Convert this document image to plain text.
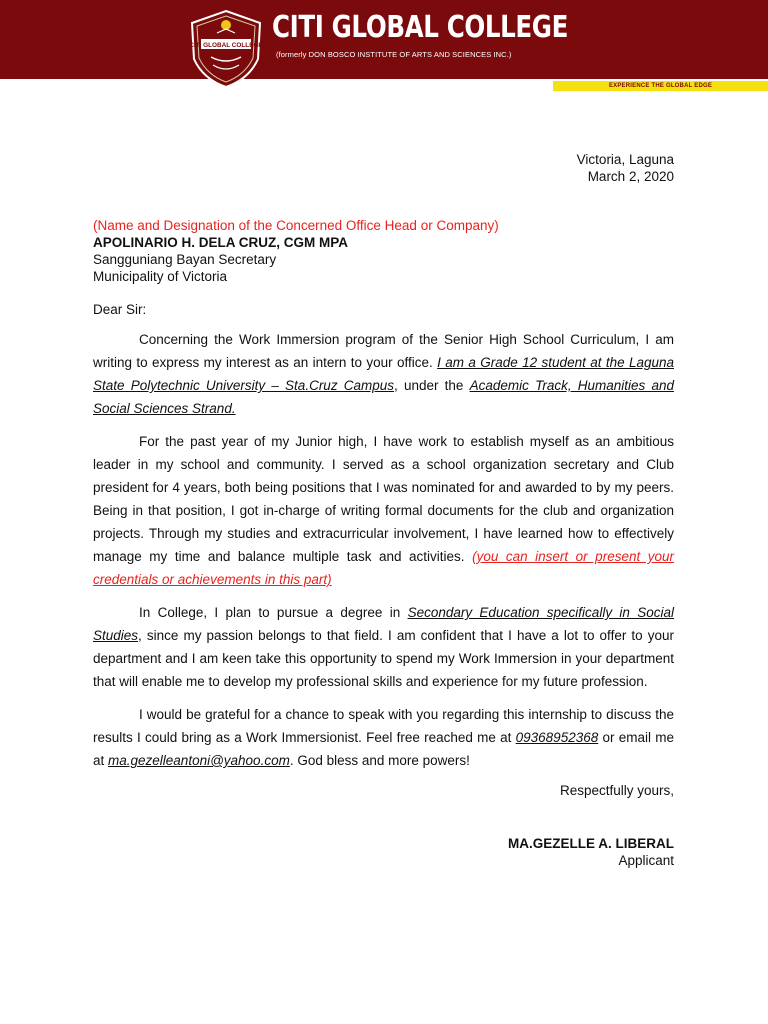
CITI GLOBAL COLLEGE
CITI GLOBAL COLLEGE
(formerly DON BOSCO INSTITUTE OF ARTS AND SCIENCES INC.)
EXPERIENCE THE GLOBAL EDGE
Victoria, Laguna
March 2, 2020
(Name and Designation of the Concerned Office Head or Company)
APOLINARIO H. DELA CRUZ, CGM MPA
Sangguniang Bayan Secretary
Municipality of Victoria
Dear Sir:

Concerning the Work Immersion program of the Senior High School Curriculum, I am writing to express my interest as an intern to your office. I am a Grade 12 student at the Laguna State Polytechnic University – Sta.Cruz Campus, under the Academic Track, Humanities and Social Sciences Strand.

For the past year of my Junior high, I have work to establish myself as an ambitious leader in my school and community. I served as a school organization secretary and Club president for 4 years, both being positions that I was nominated for and awarded to by my peers. Being in that position, I got in-charge of writing formal documents for the club and organization projects. Through my studies and extracurricular involvement, I have learned how to effectively manage my time and balance multiple task and activities. (you can insert or present your credentials or achievements in this part)

In College, I plan to pursue a degree in Secondary Education specifically in Social Studies, since my passion belongs to that field. I am confident that I have a lot to offer to your department and I am keen take this opportunity to spend my Work Immersion in your department that will enable me to develop my professional skills and experience for my future profession.

I would be grateful for a chance to speak with you regarding this internship to discuss the results I could bring as a Work Immersionist. Feel free reached me at 09368952368 or email me at ma.gezelleantoni@yahoo.com. God bless and more powers!

Respectfully yours,
MA.GEZELLE A. LIBERAL
Applicant
